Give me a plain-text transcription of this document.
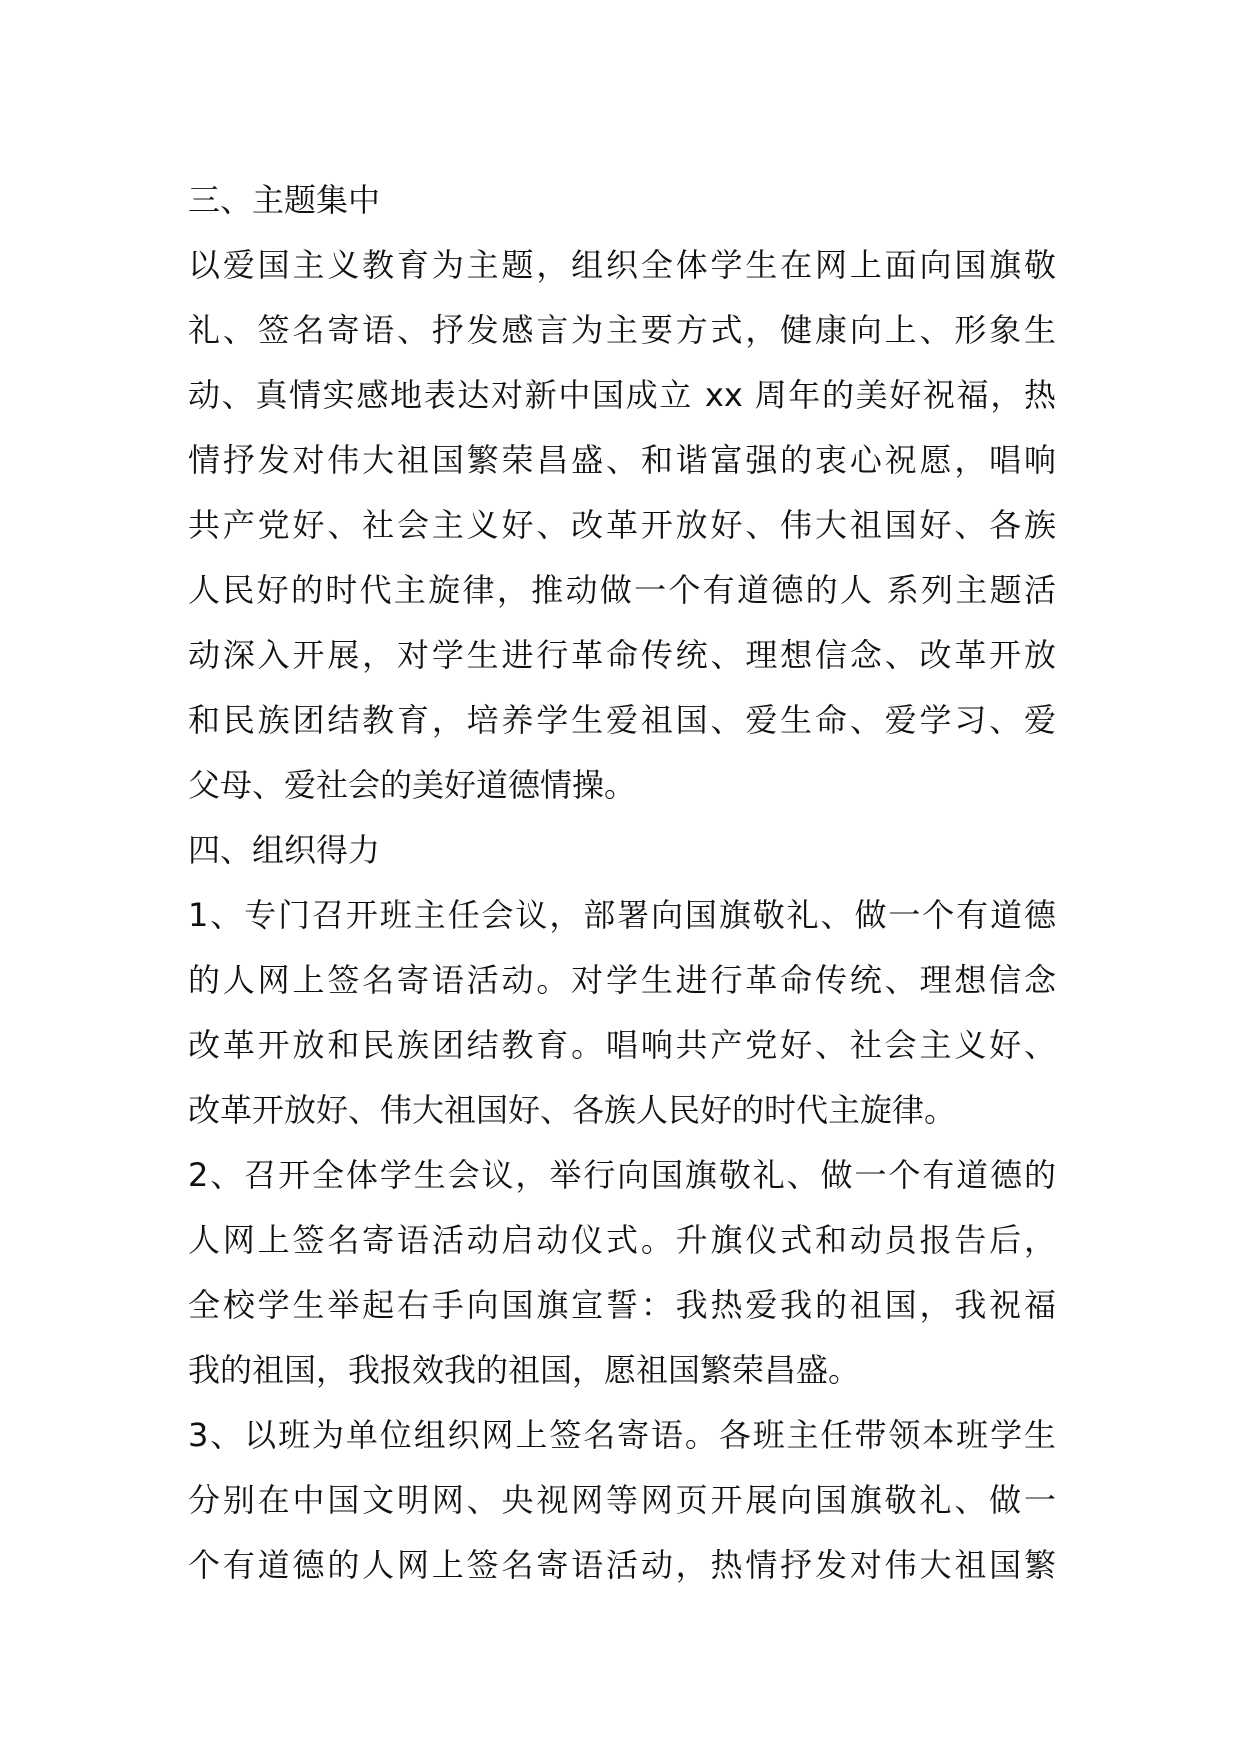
三、主题集中
以爱国主义教育为主题，组织全体学生在网上面向国旗敬
礼、签名寄语、抒发感言为主要方式，健康向上、形象生
动、真情实感地表达对新中国成立 xx 周年的美好祝福，热
情抒发对伟大祖国繁荣昌盛、和谐富强的衷心祝愿，唱响
共产党好、社会主义好、改革开放好、伟大祖国好、各族
人民好的时代主旋律，推动做一个有道德的人 系列主题活
动深入开展，对学生进行革命传统、理想信念、改革开放
和民族团结教育，培养学生爱祖国、爱生命、爱学习、爱
父母、爱社会的美好道德情操。
四、组织得力
1、专门召开班主任会议，部署向国旗敬礼、做一个有道德
的人网上签名寄语活动。对学生进行革命传统、理想信念
改革开放和民族团结教育。唱响共产党好、社会主义好、
改革开放好、伟大祖国好、各族人民好的时代主旋律。
2、召开全体学生会议，举行向国旗敬礼、做一个有道德的
人网上签名寄语活动启动仪式。升旗仪式和动员报告后，
全校学生举起右手向国旗宣誓：我热爱我的祖国，我祝福
我的祖国，我报效我的祖国，愿祖国繁荣昌盛。
3、以班为单位组织网上签名寄语。各班主任带领本班学生
分别在中国文明网、央视网等网页开展向国旗敬礼、做一
个有道德的人网上签名寄语活动，热情抒发对伟大祖国繁
